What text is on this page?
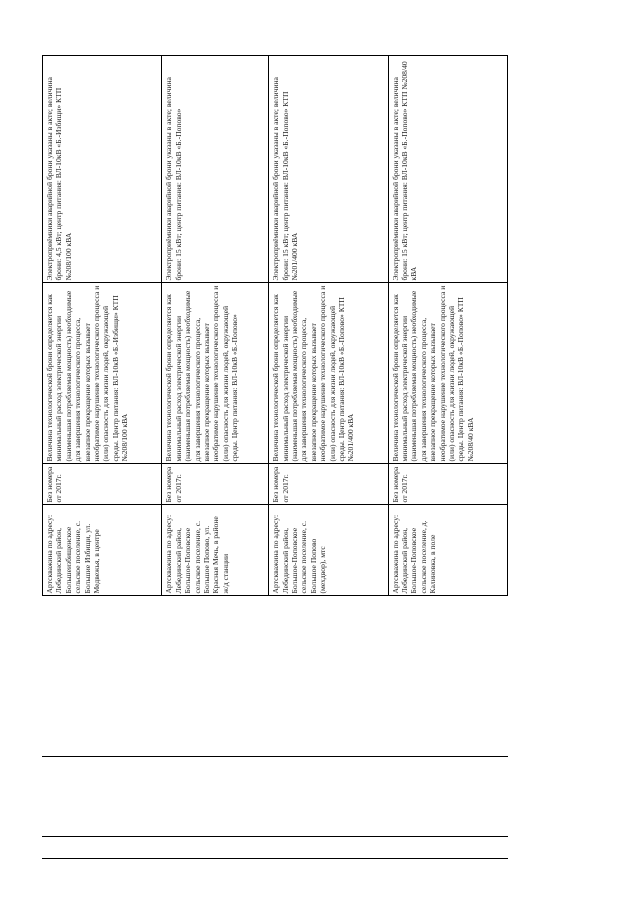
	Артскважина по адресу: Лебединский район, Большеизбищенское сельское поселение, с. Большие Избищи, ул. Медвежья, в центре	Без номера от 2017г.	Величина технологической брони определяется как минимальный расход электрической энергии (наименьшая потребляемая мощность) необходимые для завершения технологического процесса, внезапное прекращение которых вызывает необратимое нарушение технологического процесса и (или) опасность для жизни людей, окружающей среды. Центр питания: ВЛ-10кВ «Б.-Избищи» КТП №208/100 кВА	Электроприёмники аварийной брони указаны в акте; величина брони: 4,5 кВт; центр питания: ВЛ-10кВ «Б.-Избищи» КТП №208/100 кВА
	Артскважина по адресу: Лебединский район, Большое-Поповское сельское поселение, с. Большое Попово, ул. Красная Мечь, в районе ж/д станции	Без номера от 2017г.	Величина технологической брони определяется как минимальный расход электрической энергии (наименьшая потребляемая мощность) необходимые для завершения технологического процесса, внезапное прекращение которых вызывает необратимое нарушение технологического процесса и (или) опасность для жизни людей, окружающей среды. Центр питания: ВЛ-10кВ «Б.-Попово»	Электроприёмники аварийной брони указаны в акте; величина брони: 15 кВт; центр питания: ВЛ-10кВ «Б.-Попово»
	Артскважина по адресу: Лебединский район, Большое-Поповское сельское поселение, с. Большое Попово (мехдвор), мтс	Без номера от 2017г.	Величина технологической брони определяется как минимальный расход электрической энергии (наименьшая потребляемая мощность) необходимые для завершения технологического процесса, внезапное прекращение которых вызывает необратимое нарушение технологического процесса и (или) опасность для жизни людей, окружающей среды. Центр питания: ВЛ-10кВ «Б.-Попово» КТП №201/400 кВА	Электроприёмники аварийной брони указаны в акте; величина брони: 15 кВт; центр питания: ВЛ-10кВ «Б.-Попово» КТП №201/400 кВА
	Артскважина по адресу: Лебединский район, Большое-Поповское сельское поселение, д. Калиновка, в поле	Без номера от 2017г.	Величина технологической брони определяется как минимальный расход электрической энергии (наименьшая потребляемая мощность) необходимые для завершения технологического процесса, внезапное прекращение которых вызывает необратимое нарушение технологического процесса и (или) опасность для жизни людей, окружающей среды. Центр питания: ВЛ-10кВ «Б.-Попово» КТП №208/40 кВА	Электроприёмники аварийной брони указаны в акте; величина брони: 15 кВт; центр питания: ВЛ-10кВ «Б.-Попово» КТП №208/40 кВА
